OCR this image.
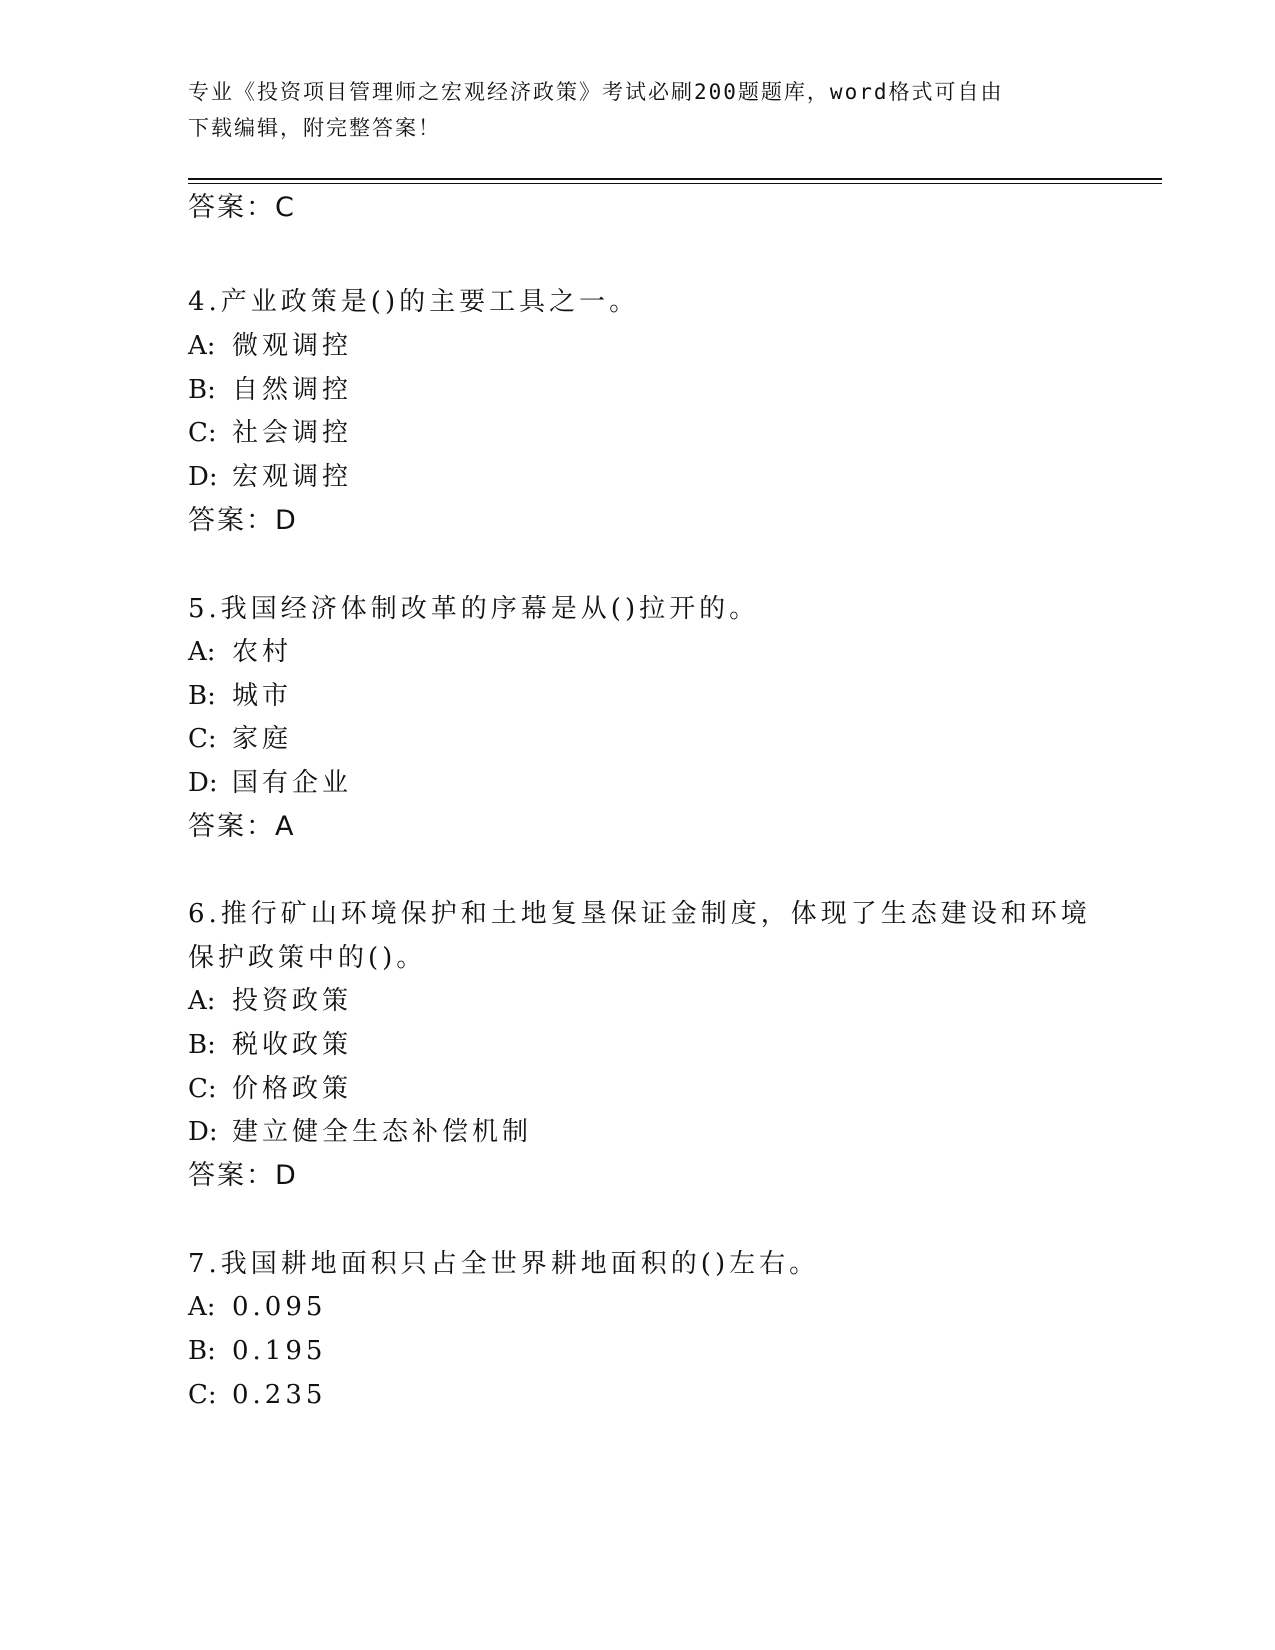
专业《投资项目管理师之宏观经济政策》考试必刷200题题库，word格式可自由
下载编辑，附完整答案！
答案：C
4.产业政策是()的主要工具之一。
A: 微观调控
B: 自然调控
C: 社会调控
D: 宏观调控
答案：D
5.我国经济体制改革的序幕是从()拉开的。
A: 农村
B: 城市
C: 家庭
D: 国有企业
答案：A
6.推行矿山环境保护和土地复垦保证金制度，体现了生态建设和环境
保护政策中的()。
A: 投资政策
B: 税收政策
C: 价格政策
D: 建立健全生态补偿机制
答案：D
7.我国耕地面积只占全世界耕地面积的()左右。
A: 0.095
B: 0.195
C: 0.235
